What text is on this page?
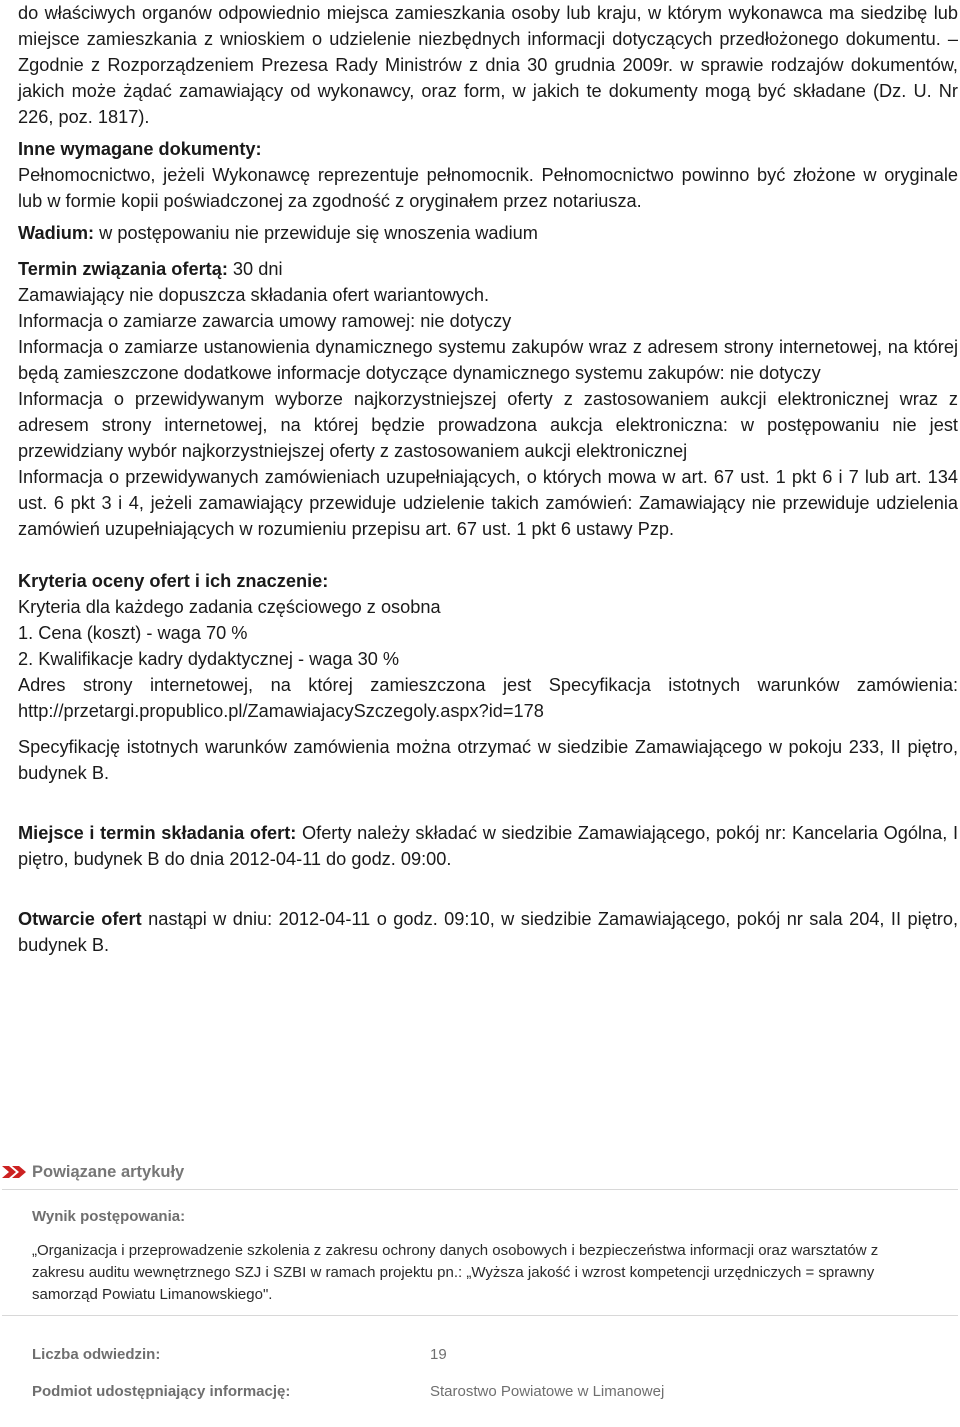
do właściwych organów odpowiednio miejsca zamieszkania osoby lub kraju, w którym wykonawca ma siedzibę lub miejsce zamieszkania z wnioskiem o udzielenie niezbędnych informacji dotyczących przedłożonego dokumentu. – Zgodnie z Rozporządzeniem Prezesa Rady Ministrów z dnia 30 grudnia 2009r. w sprawie rodzajów dokumentów, jakich może żądać zamawiający od wykonawcy, oraz form, w jakich te dokumenty mogą być składane (Dz. U. Nr 226, poz. 1817).

Inne wymagane dokumenty:

Pełnomocnictwo, jeżeli Wykonawcę reprezentuje pełnomocnik. Pełnomocnictwo powinno być złożone w oryginale lub w formie kopii poświadczonej za zgodność z oryginałem przez notariusza.

Wadium: w postępowaniu nie przewiduje się wnoszenia wadium

Termin związania ofertą: 30 dni

Zamawiający nie dopuszcza składania ofert wariantowych.

Informacja o zamiarze zawarcia umowy ramowej: nie dotyczy

Informacja o zamiarze ustanowienia dynamicznego systemu zakupów wraz z adresem strony internetowej, na której będą zamieszczone dodatkowe informacje dotyczące dynamicznego systemu zakupów: nie dotyczy

Informacja o przewidywanym wyborze najkorzystniejszej oferty z zastosowaniem aukcji elektronicznej wraz z adresem strony internetowej, na której będzie prowadzona aukcja elektroniczna: w postępowaniu nie jest przewidziany wybór najkorzystniejszej oferty z zastosowaniem aukcji elektronicznej

Informacja o przewidywanych zamówieniach uzupełniających, o których mowa w art. 67 ust. 1 pkt 6 i 7 lub art. 134 ust. 6 pkt 3 i 4, jeżeli zamawiający przewiduje udzielenie takich zamówień: Zamawiający nie przewiduje udzielenia zamówień uzupełniających w rozumieniu przepisu art. 67 ust. 1 pkt 6 ustawy Pzp.

Kryteria oceny ofert i ich znaczenie:

Kryteria dla każdego zadania częściowego z osobna

1. Cena (koszt) - waga 70 %

2. Kwalifikacje kadry dydaktycznej - waga 30 %

Adres strony internetowej, na której zamieszczona jest Specyfikacja istotnych warunków zamówienia: http://przetargi.propublico.pl/ZamawiajacySzczegoly.aspx?id=178

Specyfikację istotnych warunków zamówienia można otrzymać w siedzibie Zamawiającego w pokoju 233, II piętro, budynek B.

Miejsce i termin składania ofert: Oferty należy składać w siedzibie Zamawiającego, pokój nr: Kancelaria Ogólna, I piętro, budynek B do dnia 2012-04-11 do godz. 09:00.

Otwarcie ofert nastąpi w dniu: 2012-04-11 o godz. 09:10, w siedzibie Zamawiającego, pokój nr sala 204, II piętro, budynek B.

Powiązane artykuły
Wynik postępowania:
„Organizacja i przeprowadzenie szkolenia z zakresu ochrony danych osobowych i bezpieczeństwa informacji oraz warsztatów z zakresu auditu wewnętrznego SZJ i SZBI w ramach projektu pn.: „Wyższa jakość i wzrost kompetencji urzędniczych = sprawny samorząd Powiatu Limanowskiego".
Liczba odwiedzin:	19
Podmiot udostępniający informację:	Starostwo Powiatowe w Limanowej
